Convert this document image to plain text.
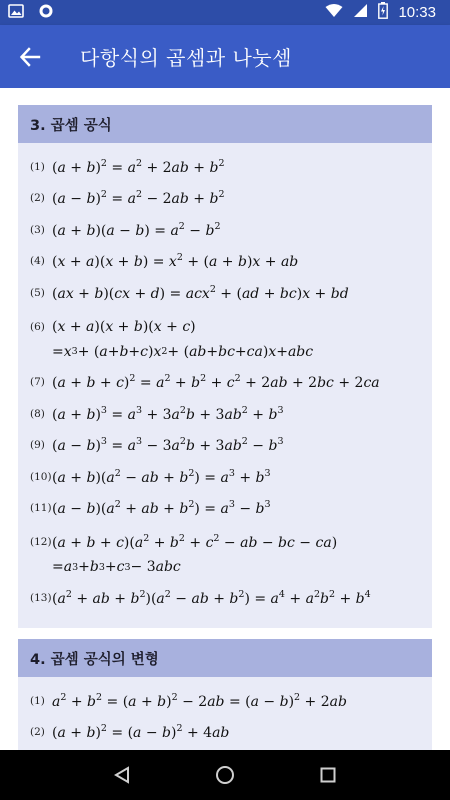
10:33
다항식의 곱셈과 나눗셈
3. 곱셈 공식
(1) $(a + b)^2 = a^2 + 2ab + b^2$
(2) $(a - b)^2 = a^2 - 2ab + b^2$
(3) $(a + b)(a - b) = a^2 - b^2$
(4) $(x + a)(x + b) = x^2 + (a + b)x$ + ab
(5) (ax + b)(cx + d) = acx$^2$ + (ad + bc)x + bd
(6) (x + a)(x + b)(x + c)
= x 3 + ( a + b + c ) x 2 + ( ab + bc + ca ) x + abc
(7) $(a + b + c)^2 = a^2 + b^2 + c^2 + 2ab + 2bc + 2ca$
(8) $(a + b)^3 = a^3 + 3a^2b + 3ab^2 + b^3$
(9) $(a - b)^3 = a^3 - 3a^2b + 3ab^2 - b^3$
(10) $(a + b)(a^2$ − ab + $b^2) = a^3 + b^3$
(11) $(a - b)(a^2$ + ab + $b^2) = a^3 - b^3$
(12) $(a + b + c)(a^2 + b^2 + c^2$ − ab − bc − ca)
= a 3 + b 3 + c 3 − 3 abc
(13) ($a^2$ + ab + $b^2)(a^2$ − ab + $b^2) = a^4 + a^2b^2 + b^4$
4. 곱셈 공식의 변형
(1) $a^2 + b^2 = (a + b)^2 - 2ab = (a - b)^2 + 2ab$
(2) $(a + b)^2 = (a - b)^2 + 4ab$
